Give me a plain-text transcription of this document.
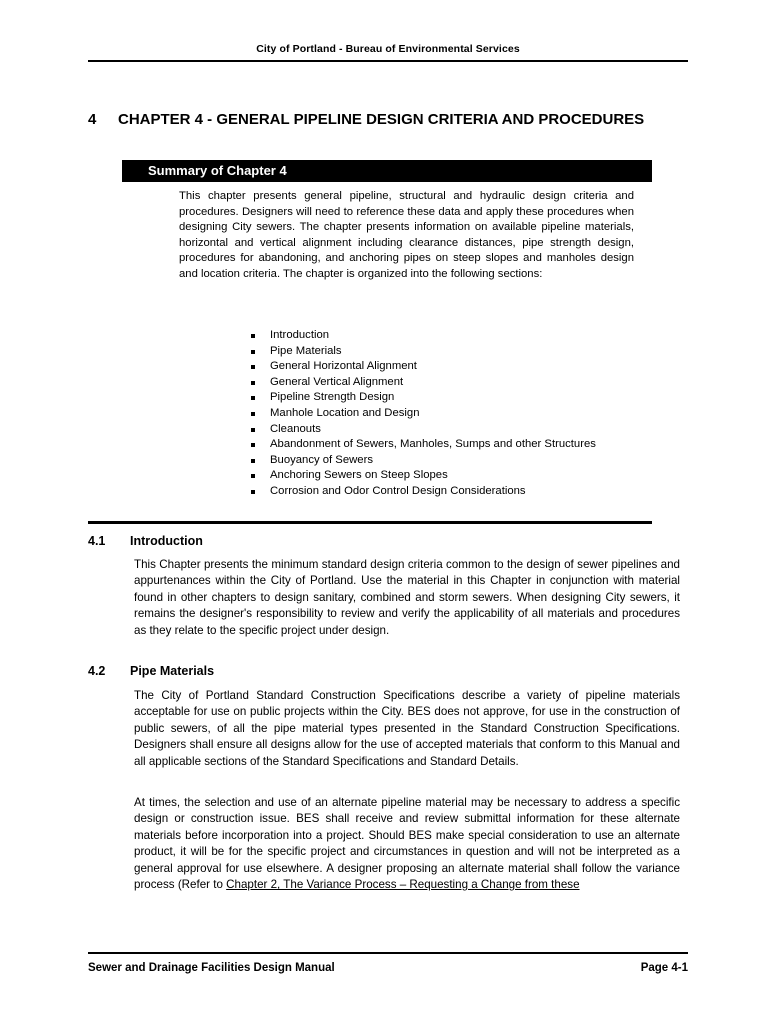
City of Portland - Bureau of Environmental Services
4	CHAPTER 4 - GENERAL PIPELINE DESIGN CRITERIA AND PROCEDURES
Summary of Chapter 4

This chapter presents general pipeline, structural and hydraulic design criteria and procedures. Designers will need to reference these data and apply these procedures when designing City sewers. The chapter presents information on available pipeline materials, horizontal and vertical alignment including clearance distances, pipe strength design, procedures for abandoning, and anchoring pipes on steep slopes and manholes design and location criteria. The chapter is organized into the following sections:

Introduction
Pipe Materials
General Horizontal Alignment
General Vertical Alignment
Pipeline Strength Design
Manhole Location and Design
Cleanouts
Abandonment of Sewers, Manholes, Sumps and other Structures
Buoyancy of Sewers
Anchoring Sewers on Steep Slopes
Corrosion and Odor Control Design Considerations
4.1	Introduction

This Chapter presents the minimum standard design criteria common to the design of sewer pipelines and appurtenances within the City of Portland. Use the material in this Chapter in conjunction with material found in other chapters to design sanitary, combined and storm sewers. When designing City sewers, it remains the designer's responsibility to review and verify the applicability of all materials and procedures as they relate to the specific project under design.

4.2	Pipe Materials

The City of Portland Standard Construction Specifications describe a variety of pipeline materials acceptable for use on public projects within the City. BES does not approve, for use in the construction of public sewers, of all the pipe material types presented in the Standard Construction Specifications. Designers shall ensure all designs allow for the use of accepted materials that conform to this Manual and all applicable sections of the Standard Specifications and Standard Details.

At times, the selection and use of an alternate pipeline material may be necessary to address a specific design or construction issue. BES shall receive and review submittal information for these alternate materials before incorporation into a project. Should BES make special consideration to use an alternate product, it will be for the specific project and circumstances in question and will not be interpreted as a general approval for use elsewhere. A designer proposing an alternate material shall follow the variance process (Refer to Chapter 2, The Variance Process – Requesting a Change from these

Sewer and Drainage Facilities Design Manual	Page 4-1
